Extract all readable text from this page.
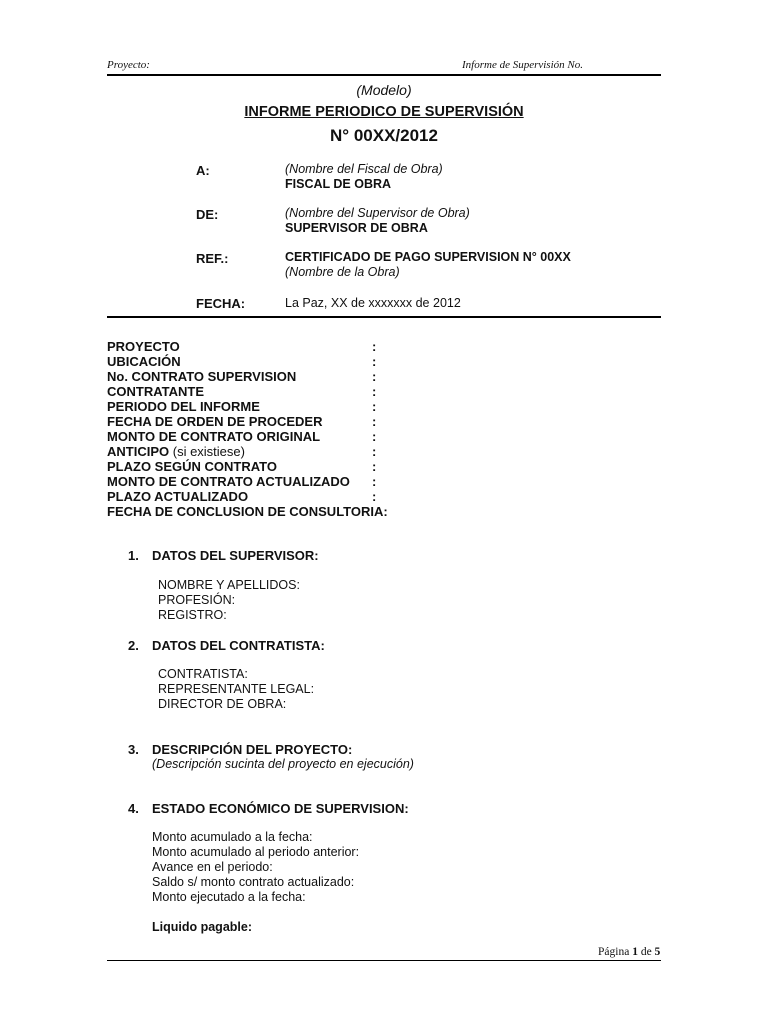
Proyecto:	Informe de Supervisión No.
(Modelo)
INFORME PERIODICO DE SUPERVISIÓN
N° 00XX/2012
A:	(Nombre del Fiscal de Obra)
FISCAL DE OBRA
DE:	(Nombre del Supervisor de Obra)
SUPERVISOR DE OBRA
REF.:	CERTIFICADO DE PAGO SUPERVISION N° 00XX
(Nombre de la Obra)
FECHA:	La Paz, XX de xxxxxxx de 2012
PROYECTO	:
UBICACIÓN	:
No. CONTRATO SUPERVISION	:
CONTRATANTE	:
PERIODO DEL INFORME	:
FECHA DE ORDEN DE PROCEDER	:
MONTO DE CONTRATO ORIGINAL	:
ANTICIPO (si existiese)	:
PLAZO SEGÚN CONTRATO	:
MONTO DE CONTRATO ACTUALIZADO :
PLAZO ACTUALIZADO	:
FECHA DE CONCLUSION DE CONSULTORIA:
1. DATOS DEL SUPERVISOR:
NOMBRE Y APELLIDOS:
PROFESIÓN:
REGISTRO:
2. DATOS DEL CONTRATISTA:
CONTRATISTA:
REPRESENTANTE LEGAL:
DIRECTOR DE OBRA:
3. DESCRIPCIÓN DEL PROYECTO:
(Descripción sucinta del proyecto en ejecución)
4. ESTADO ECONÓMICO DE SUPERVISION:
Monto acumulado a la fecha:
Monto acumulado al periodo anterior:
Avance en el periodo:
Saldo s/ monto contrato actualizado:
Monto ejecutado a la fecha:
Liquido pagable:
Página 1 de 5
